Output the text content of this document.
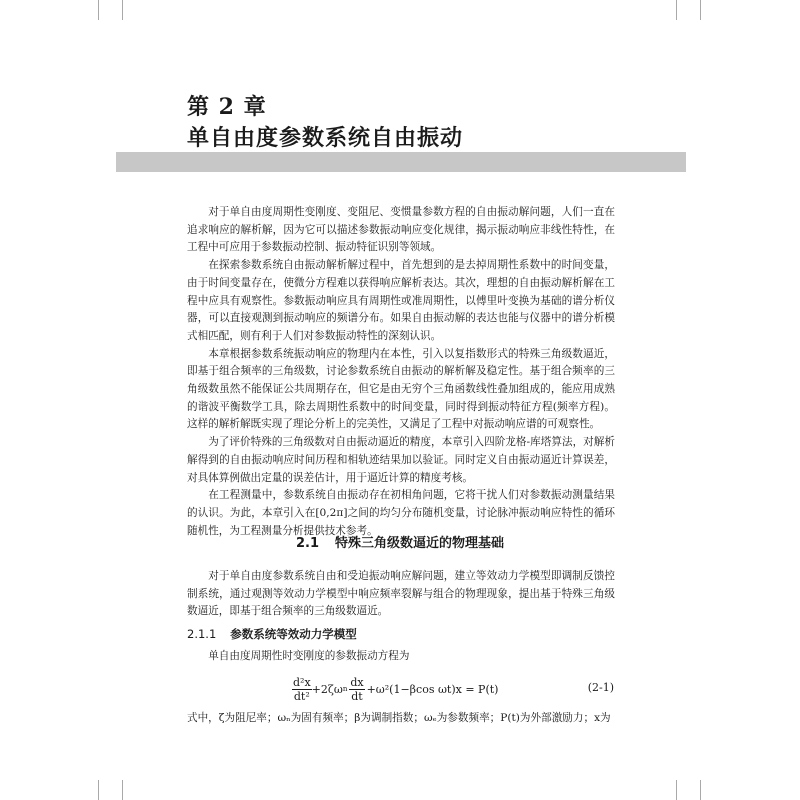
第 2 章
单自由度参数系统自由振动

对于单自由度周期性变刚度、变阻尼、变惯量参数方程的自由振动解问题，人们一直在追求响应的解析解，因为它可以描述参数振动响应变化规律，揭示振动响应非线性特性，在工程中可应用于参数振动控制、振动特征识别等领域。

在探索参数系统自由振动解析解过程中，首先想到的是去掉周期性系数中的时间变量，由于时间变量存在，使微分方程难以获得响应解析表达。其次，理想的自由振动解析解在工程中应具有观察性。参数振动响应具有周期性或准周期性，以傅里叶变换为基础的谱分析仪器，可以直接观测到振动响应的频谱分布。如果自由振动解的表达也能与仪器中的谱分析模式相匹配，则有利于人们对参数振动特性的深刻认识。

本章根据参数系统振动响应的物理内在本性，引入以复指数形式的特殊三角级数逼近，即基于组合频率的三角级数，讨论参数系统自由振动的解析解及稳定性。基于组合频率的三角级数虽然不能保证公共周期存在，但它是由无穷个三角函数线性叠加组成的，能应用成熟的谐波平衡数学工具，除去周期性系数中的时间变量，同时得到振动特征方程(频率方程)。这样的解析解既实现了理论分析上的完美性，又满足了工程中对振动响应谱的可观察性。

为了评价特殊的三角级数对自由振动逼近的精度，本章引入四阶龙格-库塔算法，对解析解得到的自由振动响应时间历程和相轨迹结果加以验证。同时定义自由振动逼近计算误差，对具体算例做出定量的误差估计，用于逼近计算的精度考核。

在工程测量中，参数系统自由振动存在初相角问题，它将干扰人们对参数振动测量结果的认识。为此，本章引入在[0,2π]之间的均匀分布随机变量，讨论脉冲振动响应特性的循环随机性，为工程测量分析提供技术参考。

2.1 特殊三角级数逼近的物理基础

对于单自由度参数系统自由和受迫振动响应解问题，建立等效动力学模型即调制反馈控制系统，通过观测等效动力学模型中响应频率裂解与组合的物理现象，提出基于特殊三角级数逼近，即基于组合频率的三角级数逼近。

2.1.1 参数系统等效动力学模型

单自由度周期性时变刚度的参数振动方程为

$\frac{\text{d²x}}{\text{dt²}} +2\zeta\omega$ n $\frac{dx}{dt} +\omega^2(1-\beta\cos$ ωt)x = P(t)	(2-1)

式中，ζ为阻尼率；ωₙ为固有频率；β为调制指数；ωₑ为参数频率；P(t)为外部激励力；x为
